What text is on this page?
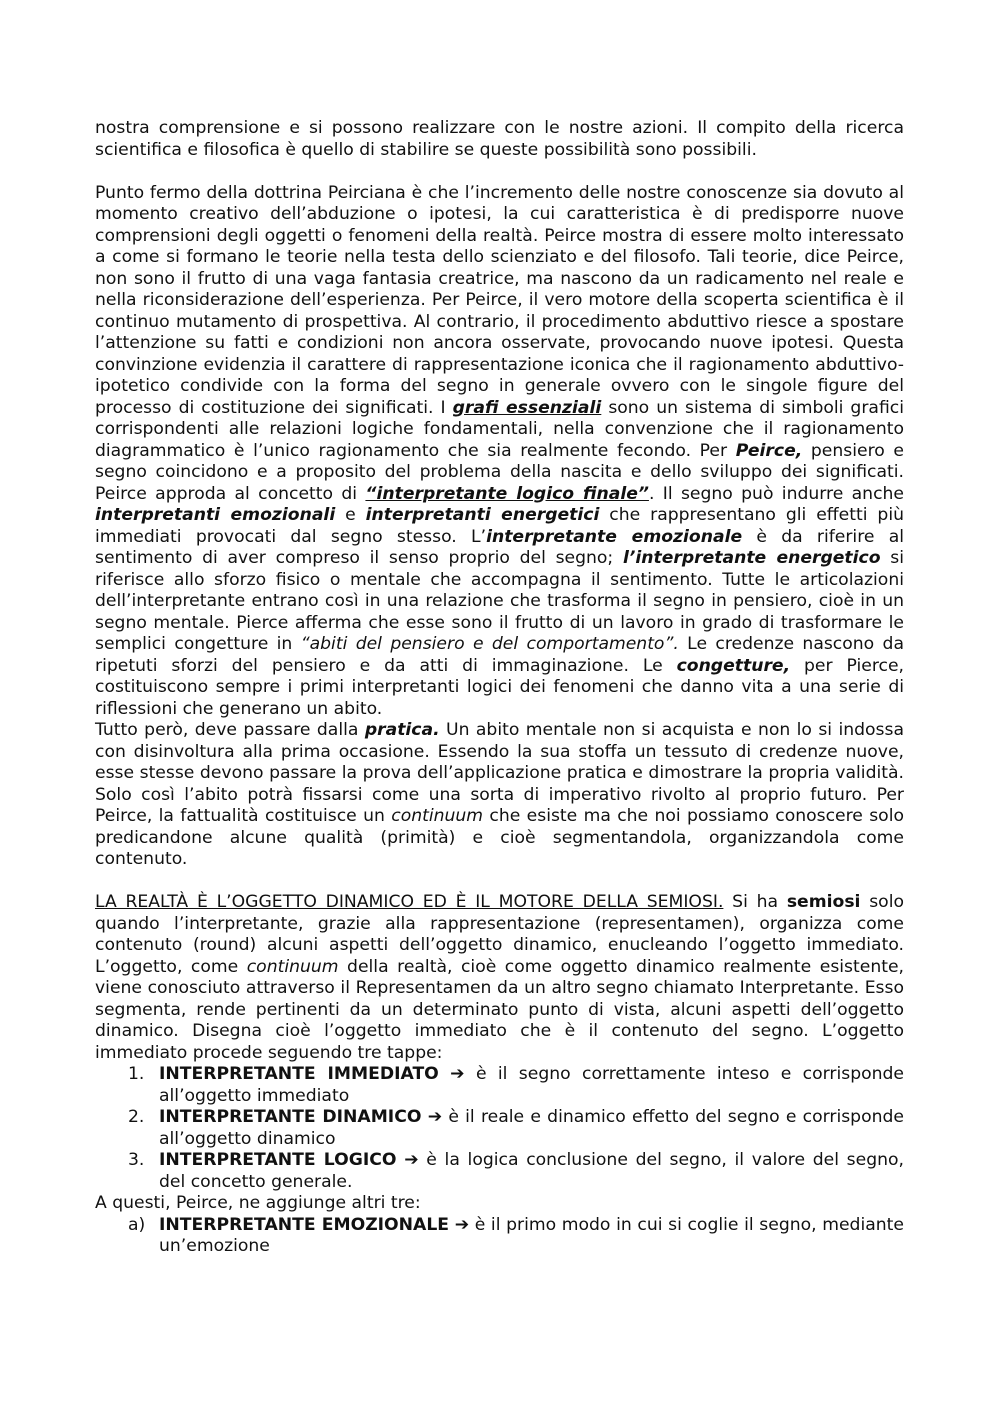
nostra comprensione e si possono realizzare con le nostre azioni. Il compito della ricerca scientifica e filosofica è quello di stabilire se queste possibilità sono possibili.

Punto fermo della dottrina Peirciana è che l’incremento delle nostre conoscenze sia dovuto al momento creativo dell’abduzione o ipotesi, la cui caratteristica è di predisporre nuove comprensioni degli oggetti o fenomeni della realtà. Peirce mostra di essere molto interessato a come si formano le teorie nella testa dello scienziato e del filosofo. Tali teorie, dice Peirce, non sono il frutto di una vaga fantasia creatrice, ma nascono da un radicamento nel reale e nella riconsiderazione dell’esperienza. Per Peirce, il vero motore della scoperta scientifica è il continuo mutamento di prospettiva. Al contrario, il procedimento abduttivo riesce a spostare l’attenzione su fatti e condizioni non ancora osservate, provocando nuove ipotesi. Questa convinzione evidenzia il carattere di rappresentazione iconica che il ragionamento abduttivo-ipotetico condivide con la forma del segno in generale ovvero con le singole figure del processo di costituzione dei significati. I grafi essenziali sono un sistema di simboli grafici corrispondenti alle relazioni logiche fondamentali, nella convenzione che il ragionamento diagrammatico è l’unico ragionamento che sia realmente fecondo. Per Peirce, pensiero e segno coincidono e a proposito del problema della nascita e dello sviluppo dei significati. Peirce approda al concetto di “interpretante logico finale”. Il segno può indurre anche interpretanti emozionali e interpretanti energetici che rappresentano gli effetti più immediati provocati dal segno stesso. L’interpretante emozionale è da riferire al sentimento di aver compreso il senso proprio del segno; l’interpretante energetico si riferisce allo sforzo fisico o mentale che accompagna il sentimento. Tutte le articolazioni dell’interpretante entrano così in una relazione che trasforma il segno in pensiero, cioè in un segno mentale. Pierce afferma che esse sono il frutto di un lavoro in grado di trasformare le semplici congetture in “abiti del pensiero e del comportamento”. Le credenze nascono da ripetuti sforzi del pensiero e da atti di immaginazione. Le congetture, per Pierce, costituiscono sempre i primi interpretanti logici dei fenomeni che danno vita a una serie di riflessioni che generano un abito.

Tutto però, deve passare dalla pratica. Un abito mentale non si acquista e non lo si indossa con disinvoltura alla prima occasione. Essendo la sua stoffa un tessuto di credenze nuove, esse stesse devono passare la prova dell’applicazione pratica e dimostrare la propria validità. Solo così l’abito potrà fissarsi come una sorta di imperativo rivolto al proprio futuro. Per Peirce, la fattualità costituisce un continuum che esiste ma che noi possiamo conoscere solo predicandone alcune qualità (primità) e cioè segmentandola, organizzandola come contenuto.

LA REALTÀ È L’OGGETTO DINAMICO ED È IL MOTORE DELLA SEMIOSI. Si ha semiosi solo quando l’interpretante, grazie alla rappresentazione (representamen), organizza come contenuto (round) alcuni aspetti dell’oggetto dinamico, enucleando l’oggetto immediato. L’oggetto, come continuum della realtà, cioè come oggetto dinamico realmente esistente, viene conosciuto attraverso il Representamen da un altro segno chiamato Interpretante. Esso segmenta, rende pertinenti da un determinato punto di vista, alcuni aspetti dell’oggetto dinamico. Disegna cioè l’oggetto immediato che è il contenuto del segno. L’oggetto immediato procede seguendo tre tappe:

1. INTERPRETANTE IMMEDIATO ➔ è il segno correttamente inteso e corrisponde all’oggetto immediato
2. INTERPRETANTE DINAMICO ➔ è il reale e dinamico effetto del segno e corrisponde all’oggetto dinamico
3. INTERPRETANTE LOGICO ➔ è la logica conclusione del segno, il valore del segno, del concetto generale.

A questi, Peirce, ne aggiunge altri tre:

a) INTERPRETANTE EMOZIONALE ➔ è il primo modo in cui si coglie il segno, mediante un’emozione
